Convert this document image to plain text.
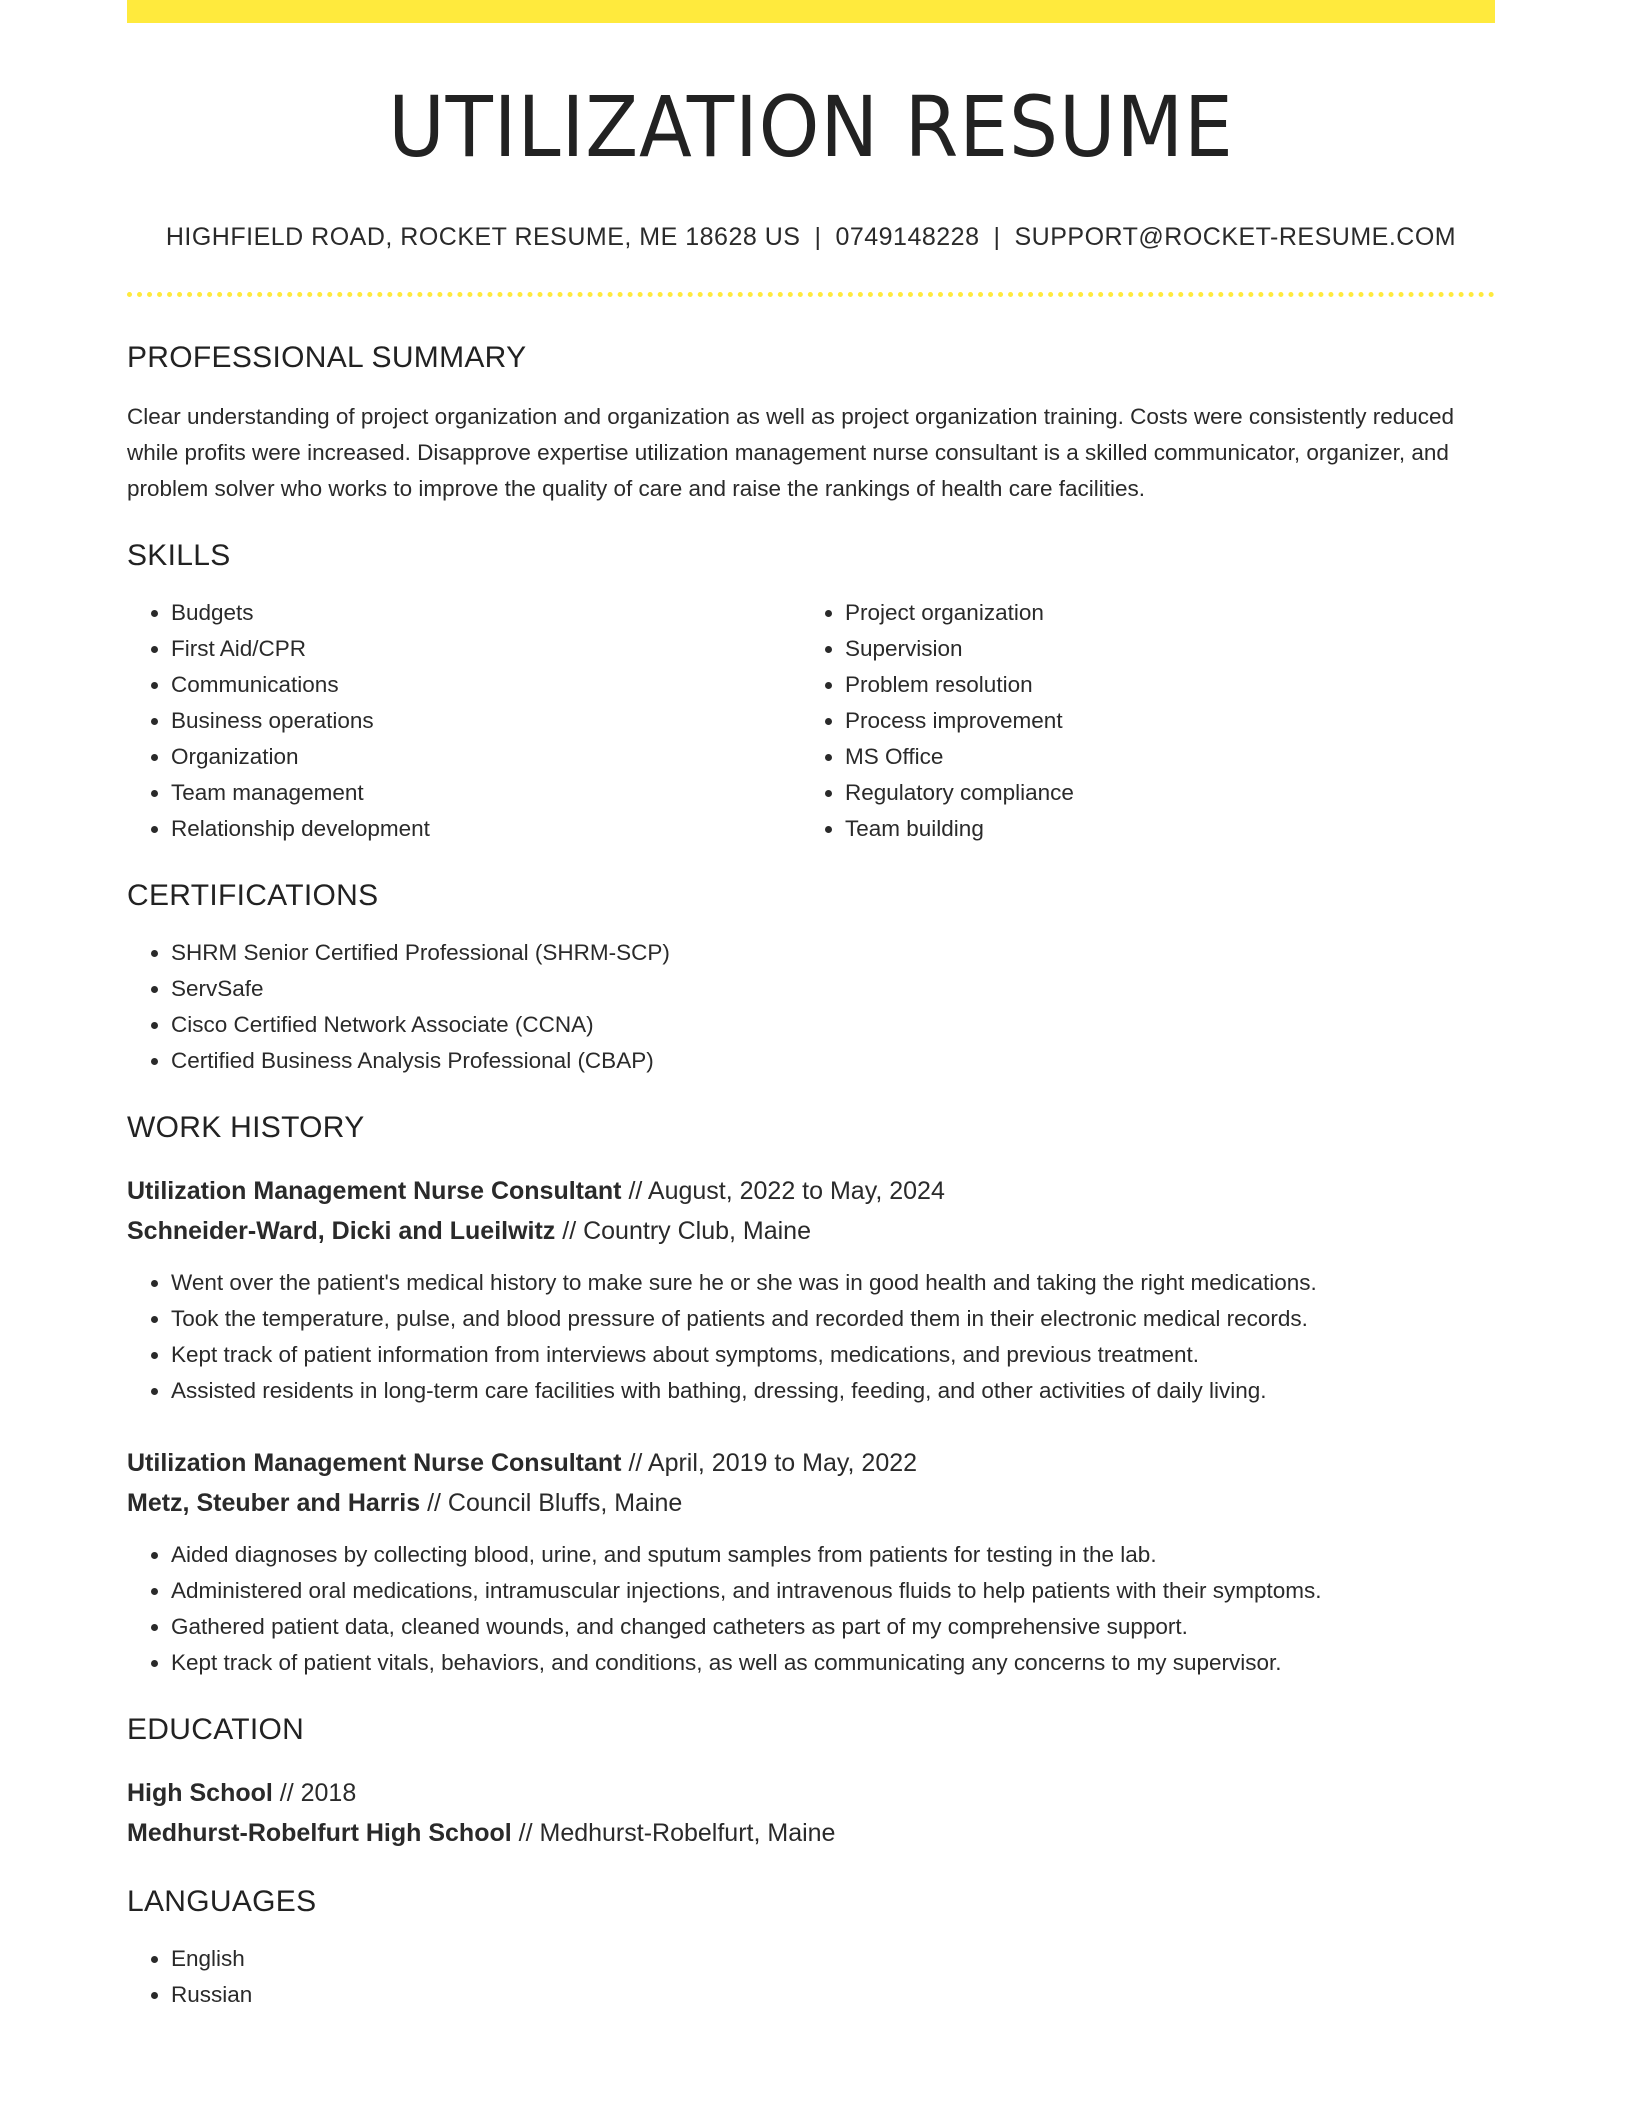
UTILIZATION RESUME
HIGHFIELD ROAD, ROCKET RESUME, ME 18628 US | 0749148228 | SUPPORT@ROCKET-RESUME.COM
PROFESSIONAL SUMMARY

Clear understanding of project organization and organization as well as project organization training. Costs were consistently reduced while profits were increased. Disapprove expertise utilization management nurse consultant is a skilled communicator, organizer, and problem solver who works to improve the quality of care and raise the rankings of health care facilities.

SKILLS
• Budgets
• First Aid/CPR
• Communications
• Business operations
• Organization
• Team management
• Relationship development
• Project organization
• Supervision
• Problem resolution
• Process improvement
• MS Office
• Regulatory compliance
• Team building
CERTIFICATIONS
• SHRM Senior Certified Professional (SHRM-SCP)
• ServSafe
• Cisco Certified Network Associate (CCNA)
• Certified Business Analysis Professional (CBAP)
WORK HISTORY
Utilization Management Nurse Consultant // August, 2022 to May, 2024
Schneider-Ward, Dicki and Lueilwitz // Country Club, Maine
• Went over the patient's medical history to make sure he or she was in good health and taking the right medications.
• Took the temperature, pulse, and blood pressure of patients and recorded them in their electronic medical records.
• Kept track of patient information from interviews about symptoms, medications, and previous treatment.
• Assisted residents in long-term care facilities with bathing, dressing, feeding, and other activities of daily living.
Utilization Management Nurse Consultant // April, 2019 to May, 2022
Metz, Steuber and Harris // Council Bluffs, Maine
• Aided diagnoses by collecting blood, urine, and sputum samples from patients for testing in the lab.
• Administered oral medications, intramuscular injections, and intravenous fluids to help patients with their symptoms.
• Gathered patient data, cleaned wounds, and changed catheters as part of my comprehensive support.
• Kept track of patient vitals, behaviors, and conditions, as well as communicating any concerns to my supervisor.
EDUCATION
High School // 2018
Medhurst-Robelfurt High School // Medhurst-Robelfurt, Maine
LANGUAGES
• English
• Russian
